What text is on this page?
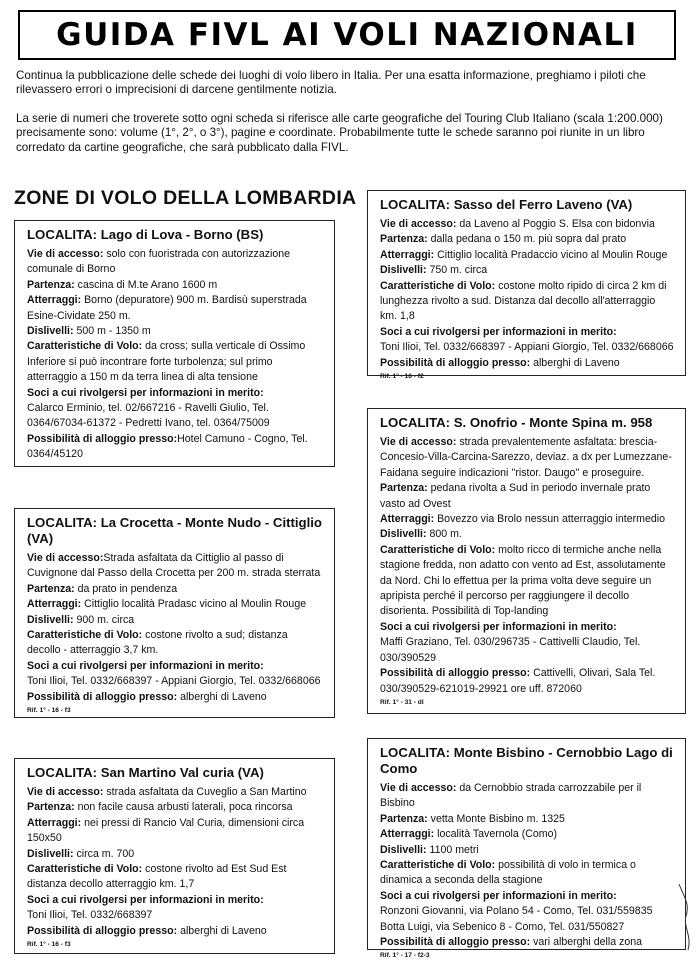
GUIDA FIVL AI VOLI NAZIONALI

Continua la pubblicazione delle schede dei luoghi di volo libero in Italia. Per una esatta informazione, preghiamo i piloti che rilevassero errori o imprecisioni di darcene gentilmente notizia.

La serie di numeri che troverete sotto ogni scheda si riferisce alle carte geografiche del Touring Club Italiano (scala 1:200.000) precisamente sono: volume (1°, 2°, o 3°), pagine e coordinate. Probabilmente tutte le schede saranno poi riunite in un libro corredato da cartine geografiche, che sarà pubblicato dalla FIVL.

ZONE DI VOLO DELLA LOMBARDIA
LOCALITA: Lago di Lova - Borno (BS)

Vie di accesso: solo con fuoristrada con autorizzazione comunale di Borno

Partenza: cascina di M.te Arano 1600 m

Atterraggi: Borno (depuratore) 900 m. Bardisù superstrada Esine-Cividate 250 m.

Dislivelli: 500 m - 1350 m

Caratteristiche di Volo: da cross; sulla verticale di Ossimo Inferiore si può incontrare forte turbolenza; sul primo atterraggio a 150 m da terra linea di alta tensione

Soci a cui rivolgersi per informazioni in merito:

Calarco Erminio, tel. 02/667216 - Ravelli Giulio, Tel. 0364/67034-61372 - Pedretti Ivano, tel. 0364/75009

Possibilità di alloggio presso:Hotel Camuno - Cogno, Tel. 0364/45120

LOCALITA: La Crocetta - Monte Nudo - Cittiglio (VA)

Vie di accesso:Strada asfaltata da Cittiglio al passo di Cuvignone dal Passo della Crocetta per 200 m. strada sterrata

Partenza: da prato in pendenza

Atterraggi: Cittiglio località Pradasc vicino al Moulin Rouge

Dislivelli: 900 m. circa

Caratteristiche di Volo: costone rivolto a sud; distanza decollo - atterraggio 3,7 km.

Soci a cui rivolgersi per informazioni in merito:

Toni Ilioi, Tel. 0332/668397 - Appiani Giorgio, Tel. 0332/668066

Possibilità di alloggio presso: alberghi di Laveno

Rif. 1° - 16 - f3

LOCALITA: San Martino Val curia (VA)

Vie di accesso: strada asfaltata da Cuveglio a San Martino

Partenza: non facile causa arbusti laterali, poca rincorsa

Atterraggi: nei pressi di Rancio Val Curia, dimensioni circa 150x50

Dislivelli: circa m. 700

Caratteristiche di Volo: costone rivolto ad Est Sud Est distanza decollo atterraggio km. 1,7

Soci a cui rivolgersi per informazioni in merito:

Toni Ilioi, Tel. 0332/668397

Possibilità di alloggio presso: alberghi di Laveno

Rif. 1° - 16 - f3

LOCALITA: Sasso del Ferro Laveno (VA)

Vie di accesso: da Laveno al Poggio S. Elsa con bidonvia

Partenza: dalla pedana o 150 m. più sopra dal prato

Atterraggi: Cittiglio località Pradaccio vicino al Moulin Rouge

Dislivelli: 750 m. circa

Caratteristiche di Volo: costone molto ripido di circa 2 km di lunghezza rivolto a sud. Distanza dal decollo all'atterraggio km. 1,8

Soci a cui rivolgersi per informazioni in merito:

Toni Ilioi, Tel. 0332/668397 - Appiani Giorgio, Tel. 0332/668066

Possibilità di alloggio presso: alberghi di Laveno

Rif. 1° - 16 - f2

LOCALITA: S. Onofrio - Monte Spina m. 958

Vie di accesso: strada prevalentemente asfaltata: brescia-Concesio-Villa-Carcina-Sarezzo, deviaz. a dx per Lumezzane-Faidana seguire indicazioni ''ristor. Daugo'' e proseguire.

Partenza: pedana rivolta a Sud in periodo invernale prato vasto ad Ovest

Atterraggi: Bovezzo via Brolo nessun atterraggio intermedio

Dislivelli: 800 m.

Caratteristiche di Volo: molto ricco di termiche anche nella stagione fredda, non adatto con vento ad Est, assolutamente da Nord. Chi lo effettua per la prima volta deve seguire un apripista perché il percorso per raggiungere il decollo disorienta. Possibilità di Top-landing

Soci a cui rivolgersi per informazioni in merito:

Maffi Graziano, Tel. 030/296735 - Cattivelli Claudio, Tel. 030/390529

Possibilità di alloggio presso: Cattivelli, Olivari, Sala Tel. 030/390529-621019-29921 ore uff. 872060

Rif. 1° - 31 - dl

LOCALITA: Monte Bisbino - Cernobbio Lago di Como

Vie di accesso: da Cernobbio strada carrozzabile per il Bisbino

Partenza: vetta Monte Bisbino m. 1325

Atterraggi: località Tavernola (Como)

Dislivelli: 1100 metri

Caratteristiche di Volo: possibilità di volo in termica o dinamica a seconda della stagione

Soci a cui rivolgersi per informazioni in merito:

Ronzoni Giovanni, via Polano 54 - Como, Tel. 031/559835 Botta Luigi, via Sebenico 8 - Como, Tel. 031/550827

Possibilità di alloggio presso: vari alberghi della zona

Rif. 1° - 17 - f2-3
